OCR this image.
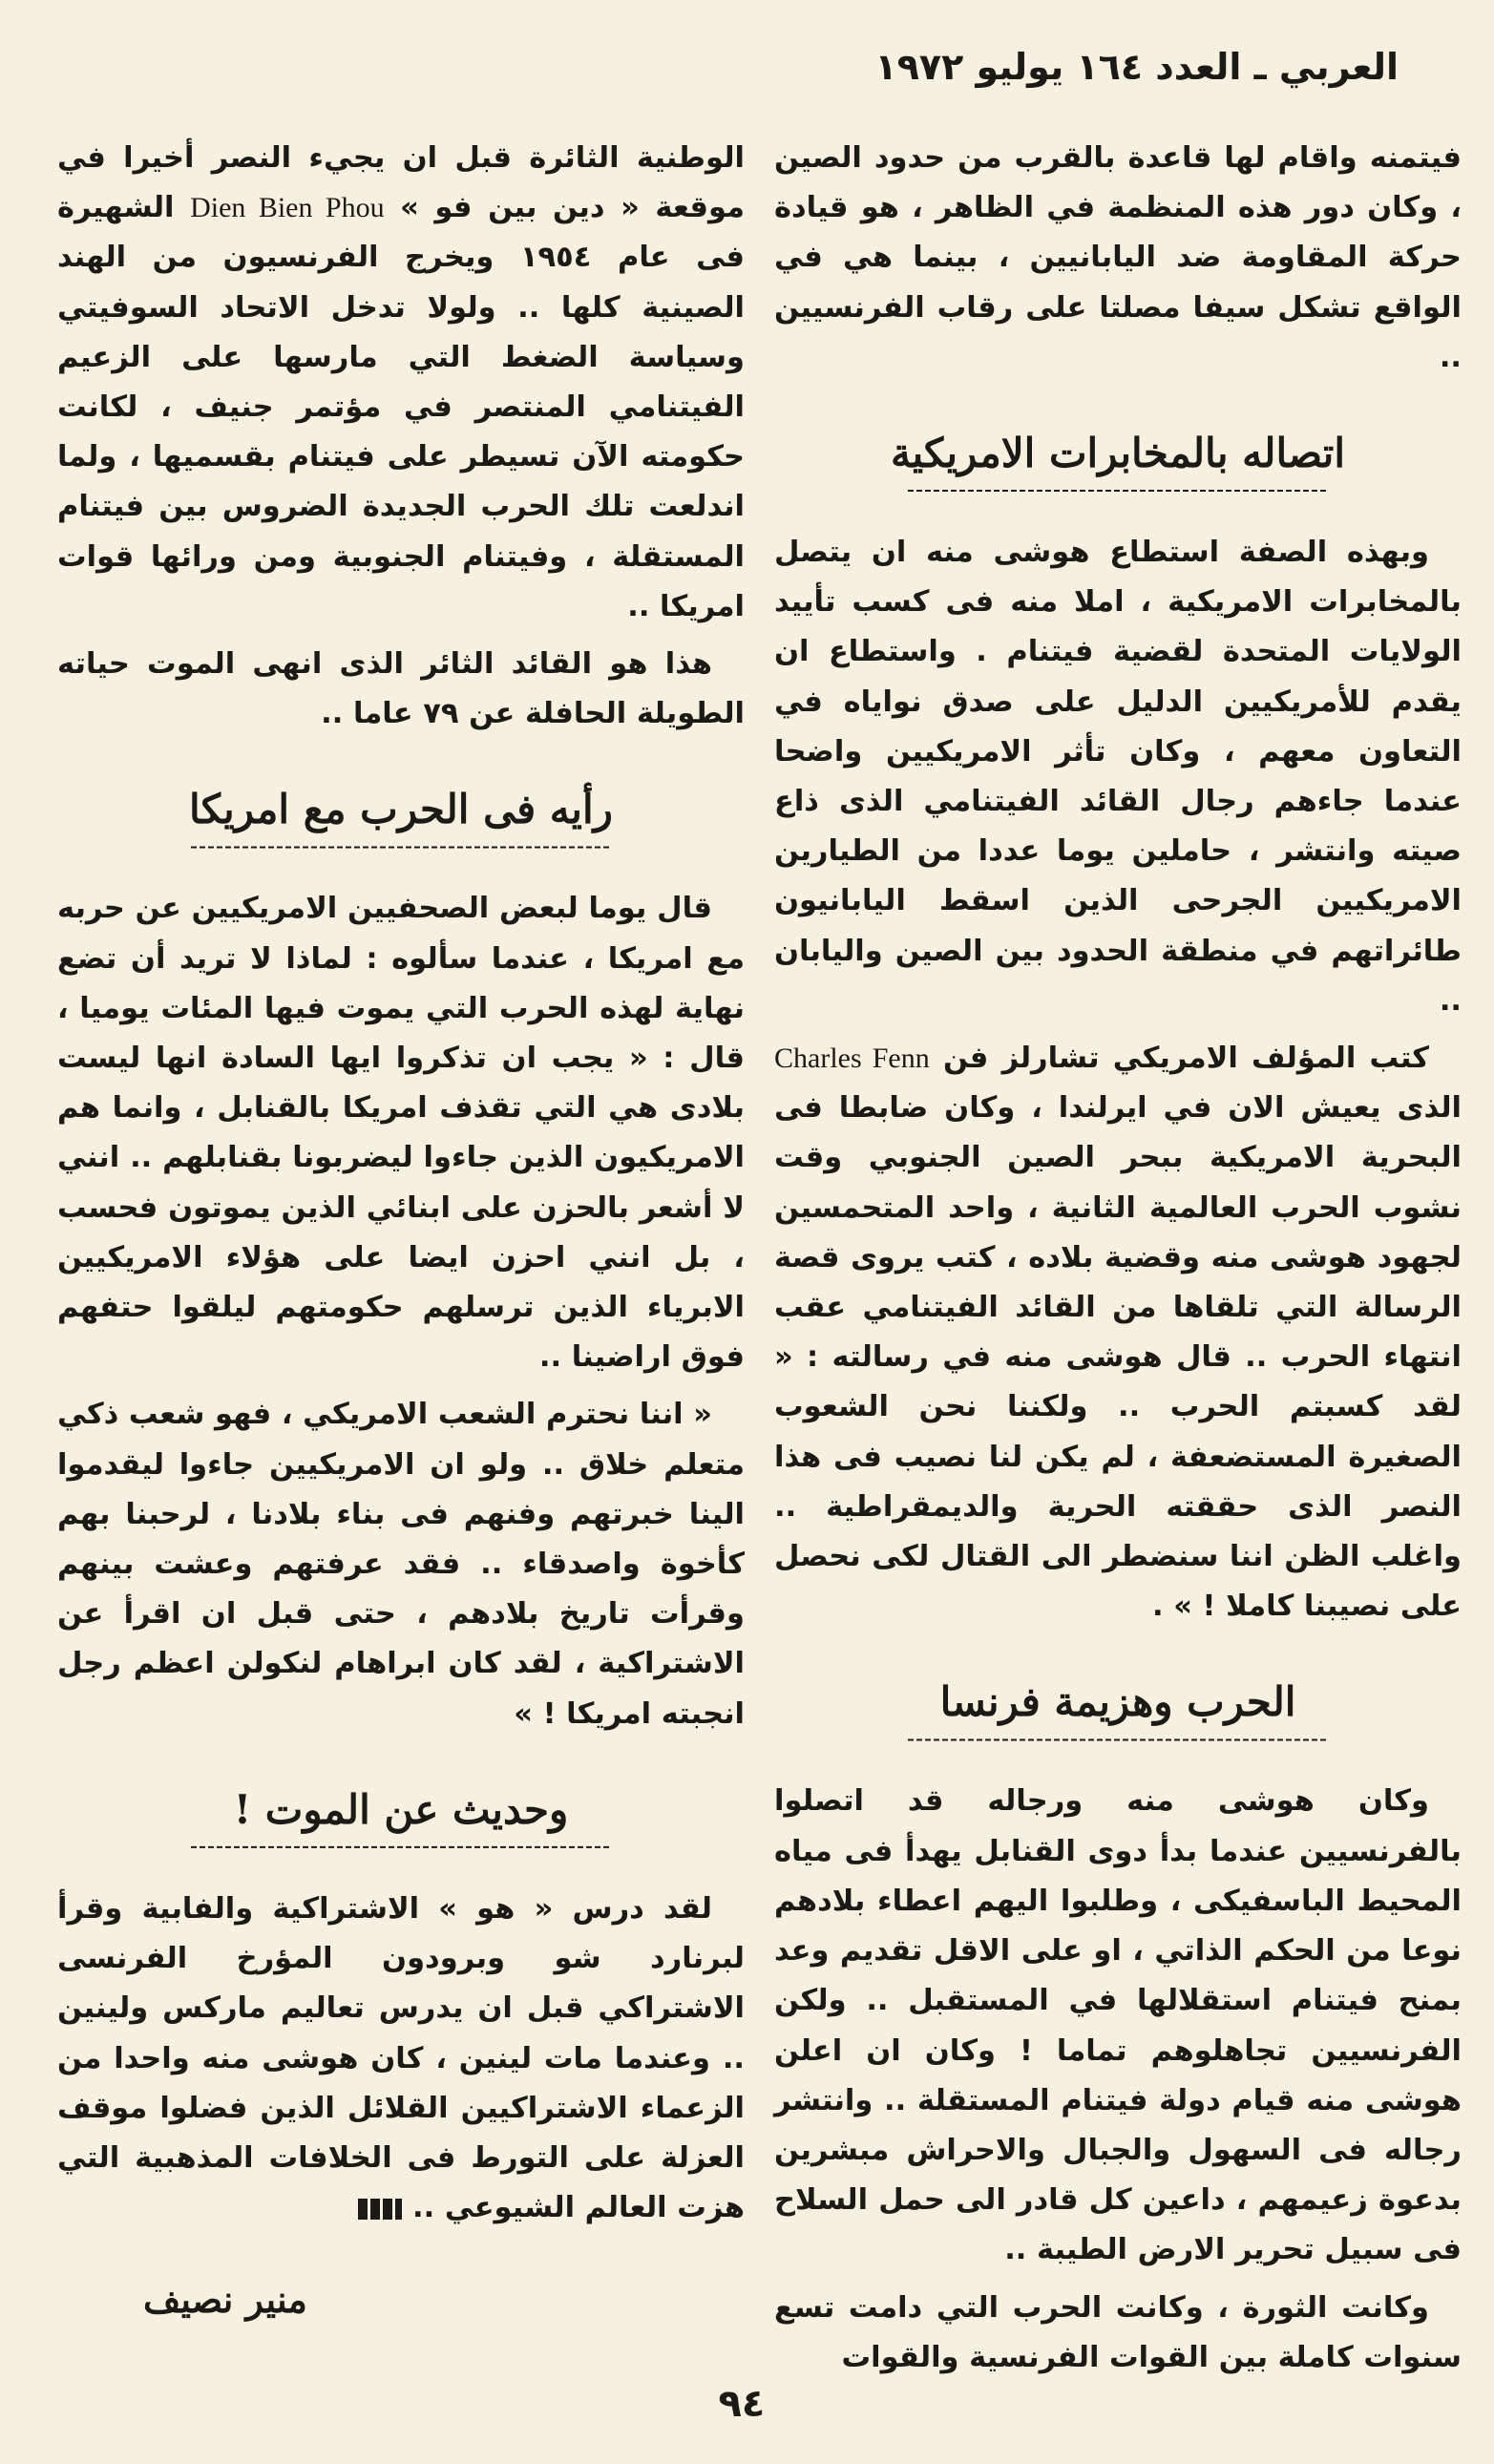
العربي ـ العدد ١٦٤ يوليو ١٩٧٢

فيتمنه واقام لها قاعدة بالقرب من حدود الصين ، وكان دور هذه المنظمة في الظاهر ، هو قيادة حركة المقاومة ضد اليابانيين ، بينما هي في الواقع تشكل سيفا مصلتا على رقاب الفرنسيين ..

اتصاله بالمخابرات الامريكية

وبهذه الصفة استطاع هوشى منه ان يتصل بالمخابرات الامريكية ، املا منه فى كسب تأييد الولايات المتحدة لقضية فيتنام . واستطاع ان يقدم للأمريكيين الدليل على صدق نواياه في التعاون معهم ، وكان تأثر الامريكيين واضحا عندما جاءهم رجال القائد الفيتنامي الذى ذاع صيته وانتشر ، حاملين يوما عددا من الطيارين الامريكيين الجرحى الذين اسقط اليابانيون طائراتهم في منطقة الحدود بين الصين واليابان ..

كتب المؤلف الامريكي تشارلز فن Charles Fenn الذى يعيش الان في ايرلندا ، وكان ضابطا فى البحرية الامريكية ببحر الصين الجنوبي وقت نشوب الحرب العالمية الثانية ، واحد المتحمسين لجهود هوشى منه وقضية بلاده ، كتب يروى قصة الرسالة التي تلقاها من القائد الفيتنامي عقب انتهاء الحرب .. قال هوشى منه في رسالته : « لقد كسبتم الحرب .. ولكننا نحن الشعوب الصغيرة المستضعفة ، لم يكن لنا نصيب فى هذا النصر الذى حققته الحرية والديمقراطية .. واغلب الظن اننا سنضطر الى القتال لكى نحصل على نصيبنا كاملا ! » .

الحرب وهزيمة فرنسا

وكان هوشى منه ورجاله قد اتصلوا بالفرنسيين عندما بدأ دوى القنابل يهدأ فى مياه المحيط الباسفيكى ، وطلبوا اليهم اعطاء بلادهم نوعا من الحكم الذاتي ، او على الاقل تقديم وعد بمنح فيتنام استقلالها في المستقبل .. ولكن الفرنسيين تجاهلوهم تماما ! وكان ان اعلن هوشى منه قيام دولة فيتنام المستقلة .. وانتشر رجاله فى السهول والجبال والاحراش مبشرين بدعوة زعيمهم ، داعين كل قادر الى حمل السلاح فى سبيل تحرير الارض الطيبة ..

وكانت الثورة ، وكانت الحرب التي دامت تسع سنوات كاملة بين القوات الفرنسية والقوات

الوطنية الثائرة قبل ان يجيء النصر أخيرا في موقعة « دين بين فو » Dien Bien Phou الشهيرة فى عام ١٩٥٤ ويخرج الفرنسيون من الهند الصينية كلها .. ولولا تدخل الاتحاد السوفيتي وسياسة الضغط التي مارسها على الزعيم الفيتنامي المنتصر في مؤتمر جنيف ، لكانت حكومته الآن تسيطر على فيتنام بقسميها ، ولما اندلعت تلك الحرب الجديدة الضروس بين فيتنام المستقلة ، وفيتنام الجنوبية ومن ورائها قوات امريكا ..

هذا هو القائد الثائر الذى انهى الموت حياته الطويلة الحافلة عن ٧٩ عاما ..

رأيه فى الحرب مع امريكا

قال يوما لبعض الصحفيين الامريكيين عن حربه مع امريكا ، عندما سألوه : لماذا لا تريد أن تضع نهاية لهذه الحرب التي يموت فيها المئات يوميا ، قال : « يجب ان تذكروا ايها السادة انها ليست بلادى هي التي تقذف امريكا بالقنابل ، وانما هم الامريكيون الذين جاءوا ليضربونا بقنابلهم .. انني لا أشعر بالحزن على ابنائي الذين يموتون فحسب ، بل انني احزن ايضا على هؤلاء الامريكيين الابرياء الذين ترسلهم حكومتهم ليلقوا حتفهم فوق اراضينا ..

« اننا نحترم الشعب الامريكي ، فهو شعب ذكي متعلم خلاق .. ولو ان الامريكيين جاءوا ليقدموا الينا خبرتهم وفنهم فى بناء بلادنا ، لرحبنا بهم كأخوة واصدقاء .. فقد عرفتهم وعشت بينهم وقرأت تاريخ بلادهم ، حتى قبل ان اقرأ عن الاشتراكية ، لقد كان ابراهام لنكولن اعظم رجل انجبته امريكا ! »

وحديث عن الموت !

لقد درس « هو » الاشتراكية والفابية وقرأ لبرنارد شو وبرودون المؤرخ الفرنسى الاشتراكي قبل ان يدرس تعاليم ماركس ولينين .. وعندما مات لينين ، كان هوشى منه واحدا من الزعماء الاشتراكيين القلائل الذين فضلوا موقف العزلة على التورط فى الخلافات المذهبية التي هزت العالم الشيوعي ..

منير نصيف
٩٤
